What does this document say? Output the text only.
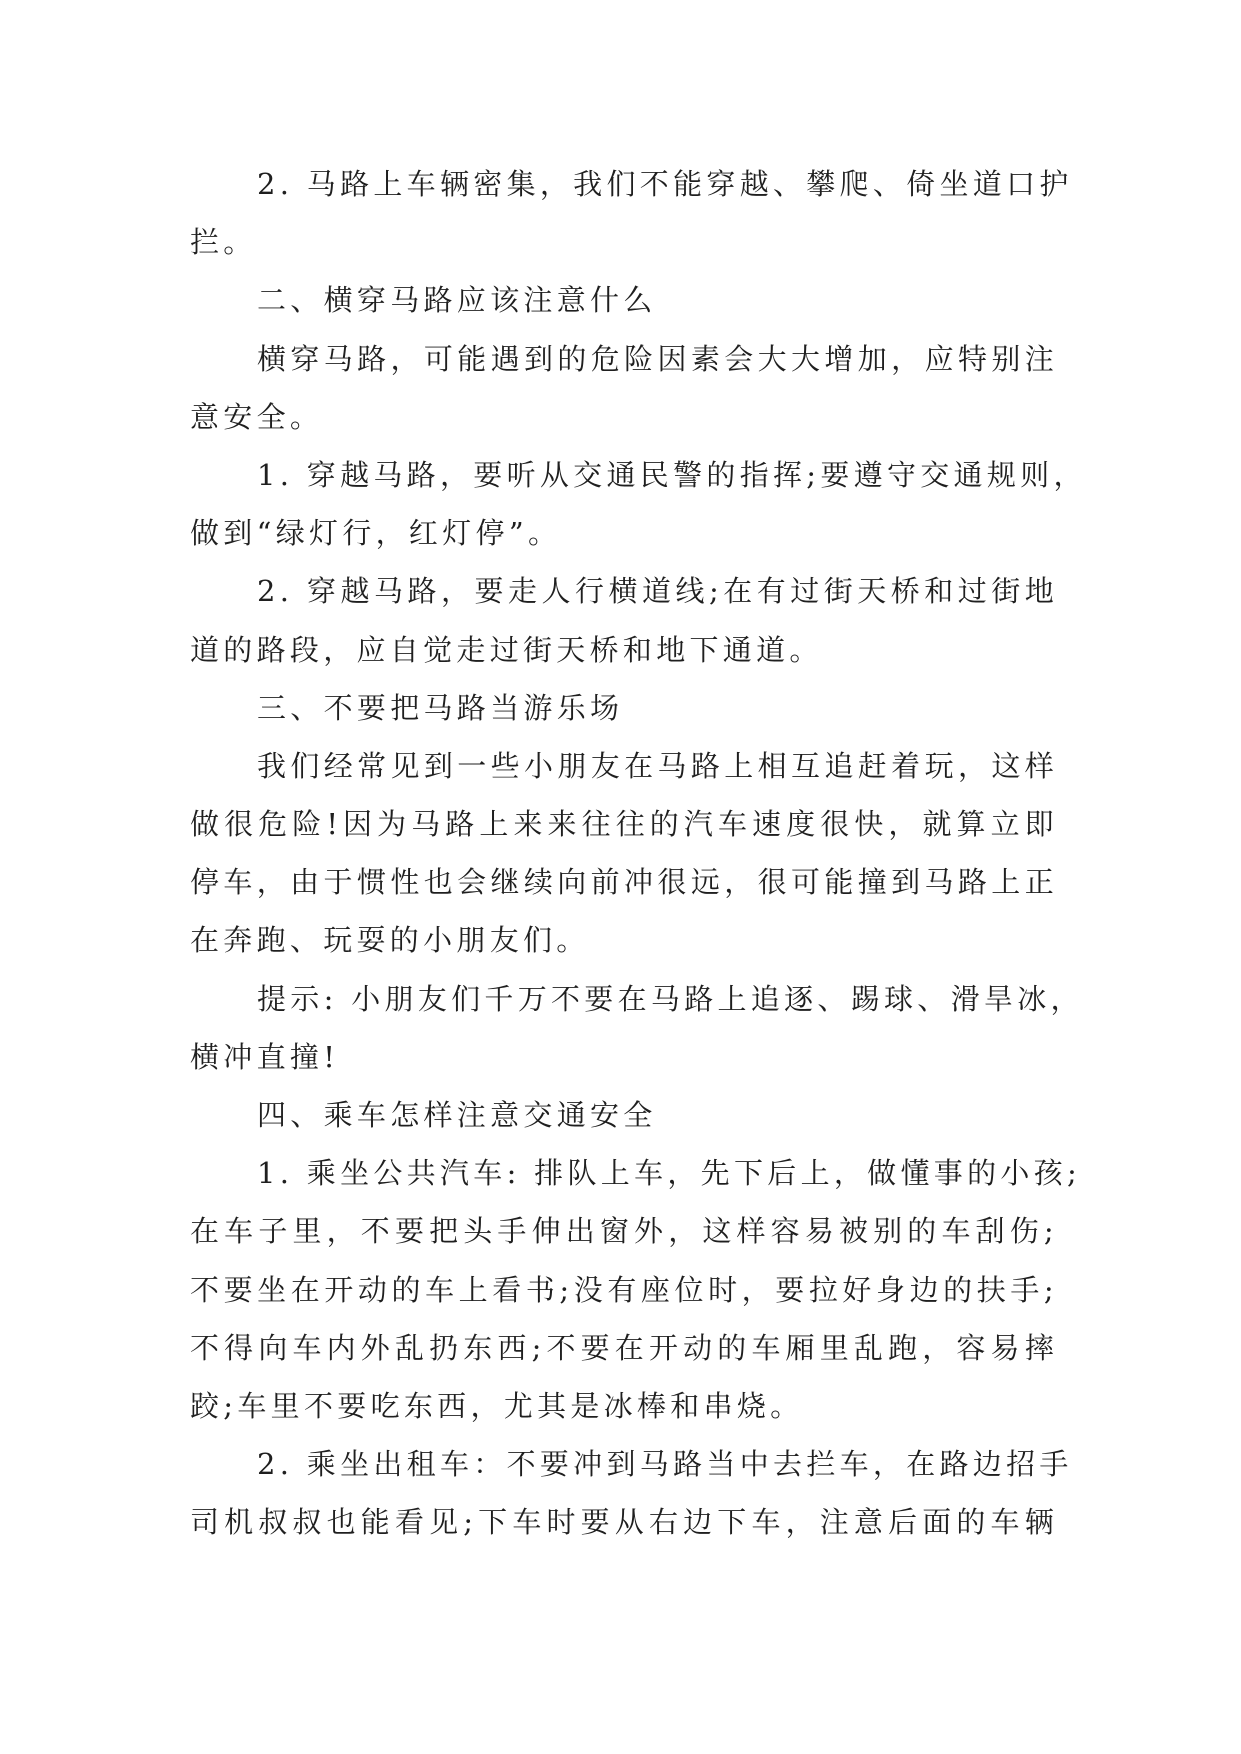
2. 马路上车辆密集，我们不能穿越、攀爬、倚坐道口护
拦。
二、横穿马路应该注意什么
横穿马路，可能遇到的危险因素会大大增加，应特别注
意安全。
1. 穿越马路，要听从交通民警的指挥;要遵守交通规则，
做到“绿灯行，红灯停”。
2. 穿越马路，要走人行横道线;在有过街天桥和过街地
道的路段，应自觉走过街天桥和地下通道。
三、不要把马路当游乐场
我们经常见到一些小朋友在马路上相互追赶着玩，这样
做很危险!因为马路上来来往往的汽车速度很快，就算立即
停车，由于惯性也会继续向前冲很远，很可能撞到马路上正
在奔跑、玩耍的小朋友们。
提示: 小朋友们千万不要在马路上追逐、踢球、滑旱冰，
横冲直撞!
四、乘车怎样注意交通安全
1. 乘坐公共汽车: 排队上车，先下后上，做懂事的小孩;
在车子里，不要把头手伸出窗外，这样容易被别的车刮伤;
不要坐在开动的车上看书;没有座位时，要拉好身边的扶手;
不得向车内外乱扔东西;不要在开动的车厢里乱跑，容易摔
跤;车里不要吃东西，尤其是冰棒和串烧。
2. 乘坐出租车：不要冲到马路当中去拦车，在路边招手
司机叔叔也能看见;下车时要从右边下车，注意后面的车辆
